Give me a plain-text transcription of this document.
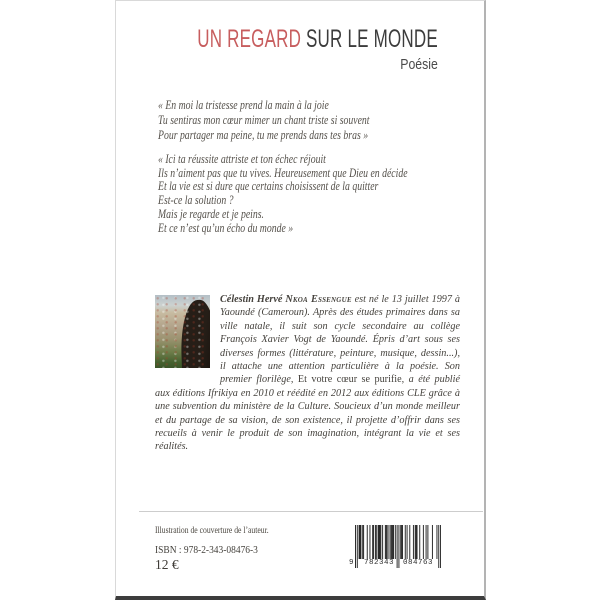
UN REGARD SUR LE MONDE
Poésie
« En moi la tristesse prend la main à la joie
Tu sentiras mon cœur mimer un chant triste si souvent
Pour partager ma peine, tu me prends dans tes bras »
« Ici ta réussite attriste et ton échec réjouit
Ils n’aiment pas que tu vives. Heureusement que Dieu en décide
Et la vie est si dure que certains choisissent de la quitter
Est-ce la solution ?
Mais je regarde et je peins.
Et ce n’est qu’un écho du monde »
Célestin Hervé Nkoa Essengue est né le 13 juillet 1997 à Yaoundé (Cameroun). Après des études primaires dans sa ville natale, il suit son cycle secondaire au collège François Xavier Vogt de Yaoundé. Épris d’art sous ses diverses formes (littérature, peinture, musique, dessin...), il attache une attention particulière à la poésie. Son premier florilège, Et votre cœur se purifie, a été publié aux éditions Ifrikiya en 2010 et réédité en 2012 aux éditions CLE grâce à une subvention du ministère de la Culture. Soucieux d’un monde meilleur et du partage de sa vision, de son existence, il projette d’offrir dans ses recueils à venir le produit de son imagination, intégrant la vie et ses réalités.
Illustration de couverture de l’auteur.
ISBN : 978-2-343-08476-3
12 €	9 782343 084763
